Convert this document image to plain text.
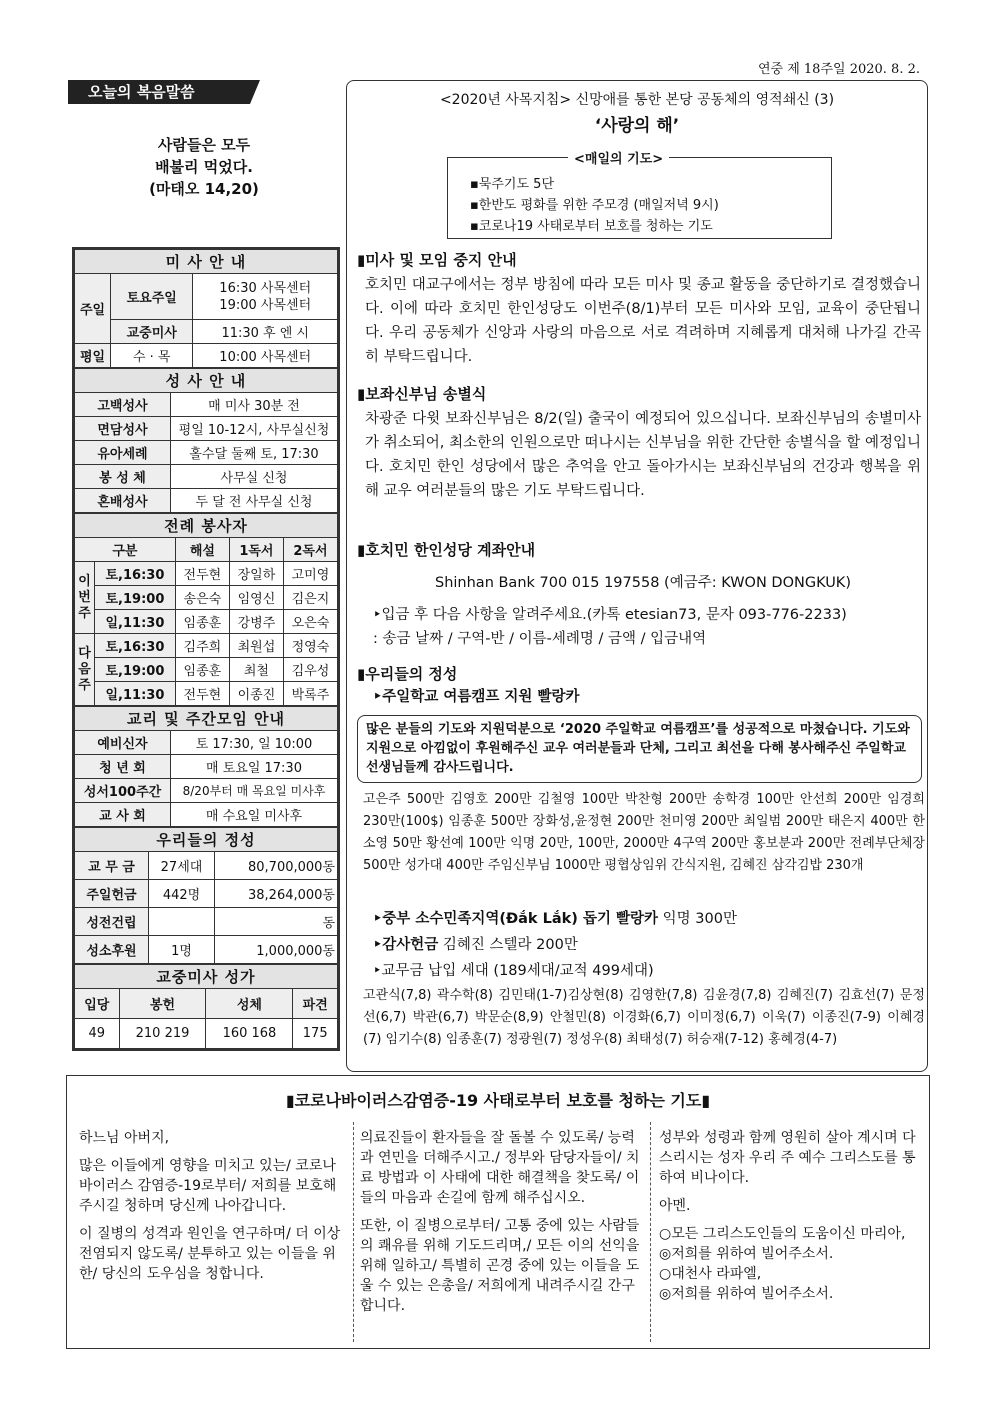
연중 제 18주일 2020. 8. 2.
오늘의 복음말씀
사람들은 모두
배불리 먹었다.
(마태오 14,20)
미 사 안 내		
주일	토요주일	16:30 사목센터
19:00 사목센터
	교중미사	11:30 후 엔 시
평일	수 · 목	10:00 사목센터
성 사 안 내	
고백성사	매 미사 30분 전
면담성사	평일 10-12시, 사무실신청
유아세례	홀수달 둘째 토, 17:30
봉 성 체	사무실 신청
혼배성사	두 달 전 사무실 신청
전례 봉사자				
구분		해설	1독서	2독서
이번주	토,16:30	전두현	장일하	고미영
	토,19:00	송은숙	임영신	김은지
	일,11:30	임종훈	강병주	오은숙
다음주	토,16:30	김주희	최원섭	정영숙
	토,19:00	임종훈	최철	김우성
	일,11:30	전두현	이종진	박록주
교리 및 주간모임 안내	
예비신자	토 17:30, 일 10:00
청 년 회	매 토요일 17:30
성서100주간	8/20부터 매 목요일 미사후
교 사 회	매 수요일 미사후
우리들의 정성		
교 무 금	27세대	80,700,000동
주일헌금	442명	38,264,000동
성전건립		동
성소후원	1명	1,000,000동
교중미사 성가			
입당	봉헌	성체	파견
49	210 219	160 168	175
<2020년 사목지침> 신망애를 통한 본당 공동체의 영적쇄신 (3)
‘사랑의 해’
<매일의 기도>
▪묵주기도 5단
▪한반도 평화를 위한 주모경 (매일저녁 9시)
▪코로나19 사태로부터 보호를 청하는 기도
▮미사 및 모임 중지 안내
호치민 대교구에서는 정부 방침에 따라 모든 미사 및 종교 활동을 중단하기로 결정했습니다. 이에 따라 호치민 한인성당도 이번주(8/1)부터 모든 미사와 모임, 교육이 중단됩니다. 우리 공동체가 신앙과 사랑의 마음으로 서로 격려하며 지혜롭게 대처해 나가길 간곡히 부탁드립니다.
▮보좌신부님 송별식
차광준 다윗 보좌신부님은 8/2(일) 출국이 예정되어 있으십니다. 보좌신부님의 송별미사가 취소되어, 최소한의 인원으로만 떠나시는 신부님을 위한 간단한 송별식을 할 예정입니다. 호치민 한인 성당에서 많은 추억을 안고 돌아가시는 보좌신부님의 건강과 행복을 위해 교우 여러분들의 많은 기도 부탁드립니다.
▮호치민 한인성당 계좌안내
Shinhan Bank 700 015 197558 (예금주: KWON DONGKUK)
‣입금 후 다음 사항을 알려주세요.(카톡 etesian73, 문자 093-776-2233)
: 송금 날짜 / 구역-반 / 이름-세례명 / 금액 / 입금내역
▮우리들의 정성
‣주일학교 여름캠프 지원 빨랑카
많은 분들의 기도와 지원덕분으로 ‘2020 주일학교 여름캠프’를 성공적으로 마쳤습니다. 기도와 지원으로 아낌없이 후원해주신 교우 여러분들과 단체, 그리고 최선을 다해 봉사해주신 주일학교 선생님들께 감사드립니다.
고은주 500만 김영호 200만 김철영 100만 박찬형 200만 송학경 100만 안선희 200만 임경희 230만(100$) 임종훈 500만 장화성,윤정현 200만 천미영 200만 최일범 200만 태은지 400만 한소영 50만 황선예 100만 익명 20만, 100만, 2000만 4구역 200만 홍보분과 200만 전례부단체장 500만 성가대 400만 주임신부님 1000만 평협상임위 간식지원, 김혜진 삼각김밥 230개
‣중부 소수민족지역(Đắk Lắk) 돕기 빨랑카 익명 300만
‣감사헌금 김혜진 스텔라 200만
‣교무금 납입 세대 (189세대/교적 499세대)
고관식(7,8) 곽수학(8) 김민태(1-7)김상현(8) 김영한(7,8) 김윤경(7,8) 김혜진(7) 김효선(7) 문정선(6,7) 박관(6,7) 박문순(8,9) 안철민(8) 이경화(6,7) 이미정(6,7) 이욱(7) 이종진(7-9) 이혜경(7) 임기수(8) 임종훈(7) 정광원(7) 정성우(8) 최태성(7) 허승재(7-12) 홍혜경(4-7)
▮코로나바이러스감염증-19 사태로부터 보호를 청하는 기도▮

하느님 아버지,

많은 이들에게 영향을 미치고 있는/ 코로나 바이러스 감염증-19로부터/ 저희를 보호해주시길 청하며 당신께 나아갑니다.

이 질병의 성격과 원인을 연구하며/ 더 이상 전염되지 않도록/ 분투하고 있는 이들을 위한/ 당신의 도우심을 청합니다.

의료진들이 환자들을 잘 돌볼 수 있도록/ 능력과 연민을 더해주시고./ 정부와 담당자들이/ 치료 방법과 이 사태에 대한 해결책을 찾도록/ 이들의 마음과 손길에 함께 해주십시오.

또한, 이 질병으로부터/ 고통 중에 있는 사람들의 쾌유를 위해 기도드리며,/ 모든 이의 선익을 위해 일하고/ 특별히 곤경 중에 있는 이들을 도울 수 있는 은총을/ 저희에게 내려주시길 간구합니다.

성부와 성령과 함께 영원히 살아 계시며 다스리시는 성자 우리 주 예수 그리스도를 통하여 비나이다.

아멘.

○모든 그리스도인들의 도움이신 마리아,
◎저희를 위하여 빌어주소서.
○대천사 라파엘,
◎저희를 위하여 빌어주소서.
